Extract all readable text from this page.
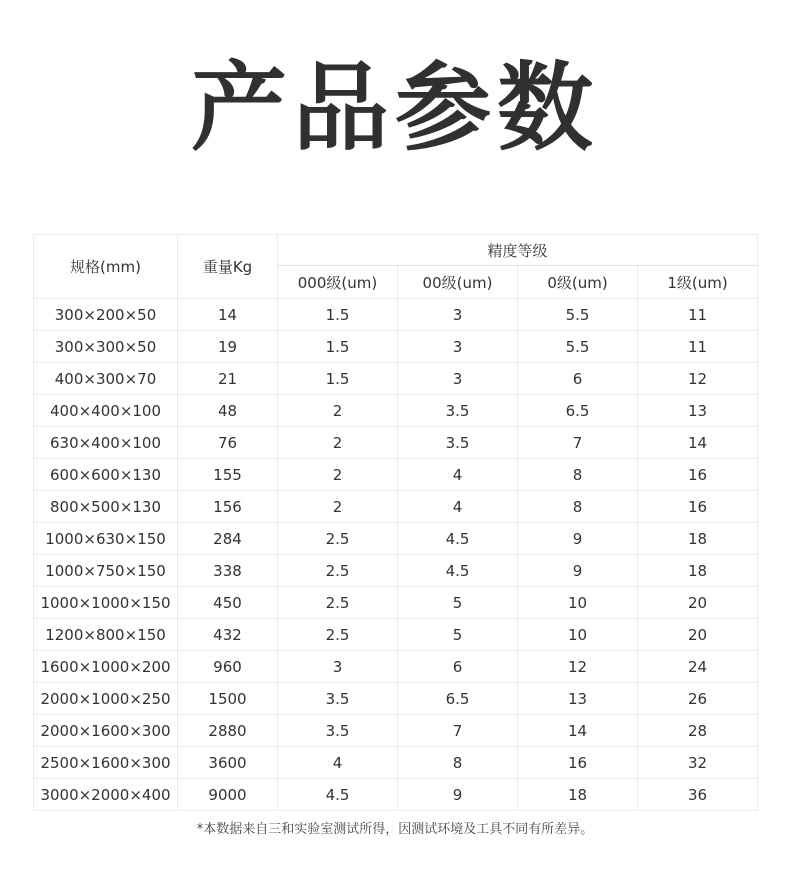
产品参数
规格(mm)	重量Kg	精度等级			
		000级(um)	00级(um)	0级(um)	1级(um)
300×200×50	14	1.5	3	5.5	11
300×300×50	19	1.5	3	5.5	11
400×300×70	21	1.5	3	6	12
400×400×100	48	2	3.5	6.5	13
630×400×100	76	2	3.5	7	14
600×600×130	155	2	4	8	16
800×500×130	156	2	4	8	16
1000×630×150	284	2.5	4.5	9	18
1000×750×150	338	2.5	4.5	9	18
1000×1000×150	450	2.5	5	10	20
1200×800×150	432	2.5	5	10	20
1600×1000×200	960	3	6	12	24
2000×1000×250	1500	3.5	6.5	13	26
2000×1600×300	2880	3.5	7	14	28
2500×1600×300	3600	4	8	16	32
3000×2000×400	9000	4.5	9	18	36
*本数据来自三和实验室测试所得，因测试环境及工具不同有所差异。
